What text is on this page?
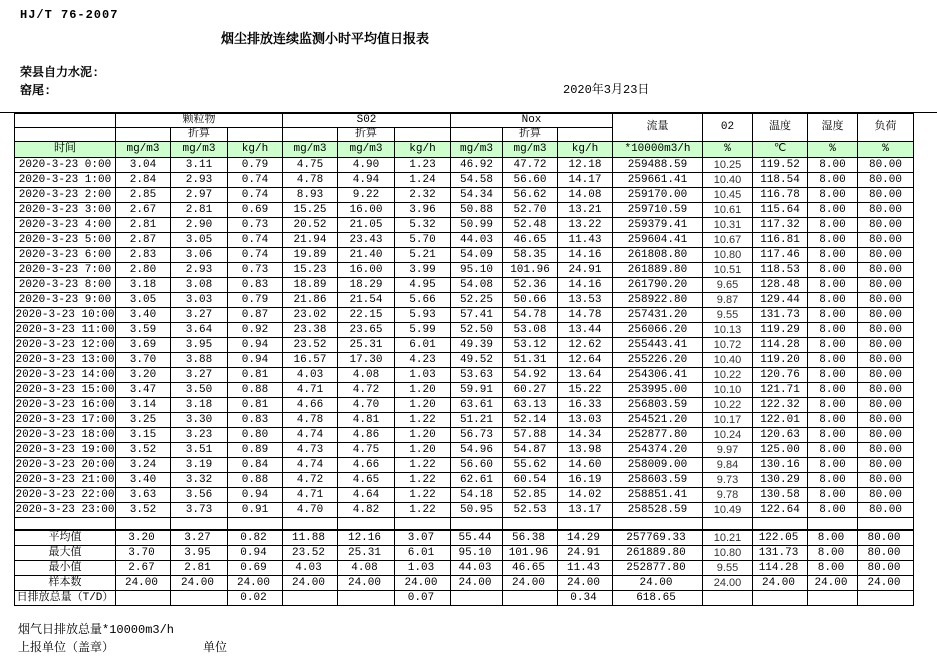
HJ/T 76-2007
烟尘排放连续监测小时平均值日报表
荣县自力水泥:
窑尾:	2020年3月23日
	颗粒物			S02			Nox			流量	02	温度	湿度	负荷
		折算			折算			折算						
时间	mg/m3	mg/m3	kg/h	mg/m3	mg/m3	kg/h	mg/m3	mg/m3	kg/h	*10000m3/h	%	℃	%	%
2020-3-23 0:00	3.04	3.11	0.79	4.75	4.90	1.23	46.92	47.72	12.18	259488.59	10.25	119.52	8.00	80.00
2020-3-23 1:00	2.84	2.93	0.74	4.78	4.94	1.24	54.58	56.60	14.17	259661.41	10.40	118.54	8.00	80.00
2020-3-23 2:00	2.85	2.97	0.74	8.93	9.22	2.32	54.34	56.62	14.08	259170.00	10.45	116.78	8.00	80.00
2020-3-23 3:00	2.67	2.81	0.69	15.25	16.00	3.96	50.88	52.70	13.21	259710.59	10.61	115.64	8.00	80.00
2020-3-23 4:00	2.81	2.90	0.73	20.52	21.05	5.32	50.99	52.48	13.22	259379.41	10.31	117.32	8.00	80.00
2020-3-23 5:00	2.87	3.05	0.74	21.94	23.43	5.70	44.03	46.65	11.43	259604.41	10.67	116.81	8.00	80.00
2020-3-23 6:00	2.83	3.06	0.74	19.89	21.40	5.21	54.09	58.35	14.16	261808.80	10.80	117.46	8.00	80.00
2020-3-23 7:00	2.80	2.93	0.73	15.23	16.00	3.99	95.10	101.96	24.91	261889.80	10.51	118.53	8.00	80.00
2020-3-23 8:00	3.18	3.08	0.83	18.89	18.29	4.95	54.08	52.36	14.16	261790.20	9.65	128.48	8.00	80.00
2020-3-23 9:00	3.05	3.03	0.79	21.86	21.54	5.66	52.25	50.66	13.53	258922.80	9.87	129.44	8.00	80.00
2020-3-23 10:00	3.40	3.27	0.87	23.02	22.15	5.93	57.41	54.78	14.78	257431.20	9.55	131.73	8.00	80.00
2020-3-23 11:00	3.59	3.64	0.92	23.38	23.65	5.99	52.50	53.08	13.44	256066.20	10.13	119.29	8.00	80.00
2020-3-23 12:00	3.69	3.95	0.94	23.52	25.31	6.01	49.39	53.12	12.62	255443.41	10.72	114.28	8.00	80.00
2020-3-23 13:00	3.70	3.88	0.94	16.57	17.30	4.23	49.52	51.31	12.64	255226.20	10.40	119.20	8.00	80.00
2020-3-23 14:00	3.20	3.27	0.81	4.03	4.08	1.03	53.63	54.92	13.64	254306.41	10.22	120.76	8.00	80.00
2020-3-23 15:00	3.47	3.50	0.88	4.71	4.72	1.20	59.91	60.27	15.22	253995.00	10.10	121.71	8.00	80.00
2020-3-23 16:00	3.14	3.18	0.81	4.66	4.70	1.20	63.61	63.13	16.33	256803.59	10.22	122.32	8.00	80.00
2020-3-23 17:00	3.25	3.30	0.83	4.78	4.81	1.22	51.21	52.14	13.03	254521.20	10.17	122.01	8.00	80.00
2020-3-23 18:00	3.15	3.23	0.80	4.74	4.86	1.20	56.73	57.88	14.34	252877.80	10.24	120.63	8.00	80.00
2020-3-23 19:00	3.52	3.51	0.89	4.73	4.75	1.20	54.96	54.87	13.98	254374.20	9.97	125.00	8.00	80.00
2020-3-23 20:00	3.24	3.19	0.84	4.74	4.66	1.22	56.60	55.62	14.60	258009.00	9.84	130.16	8.00	80.00
2020-3-23 21:00	3.40	3.32	0.88	4.72	4.65	1.22	62.61	60.54	16.19	258603.59	9.73	130.29	8.00	80.00
2020-3-23 22:00	3.63	3.56	0.94	4.71	4.64	1.22	54.18	52.85	14.02	258851.41	9.78	130.58	8.00	80.00
2020-3-23 23:00	3.52	3.73	0.91	4.70	4.82	1.22	50.95	52.53	13.17	258528.59	10.49	122.64	8.00	80.00

平均值	3.20	3.27	0.82	11.88	12.16	3.07	55.44	56.38	14.29	257769.33	10.21	122.05	8.00	80.00
最大值	3.70	3.95	0.94	23.52	25.31	6.01	95.10	101.96	24.91	261889.80	10.80	131.73	8.00	80.00
最小值	2.67	2.81	0.69	4.03	4.08	1.03	44.03	46.65	11.43	252877.80	9.55	114.28	8.00	80.00
样本数	24.00	24.00	24.00	24.00	24.00	24.00	24.00	24.00	24.00	24.00	24.00	24.00	24.00	24.00
日排放总量（T/D）			0.02			0.07			0.34	618.65				
烟气日排放总量*10000m3/h
上报单位（盖章）	单位
